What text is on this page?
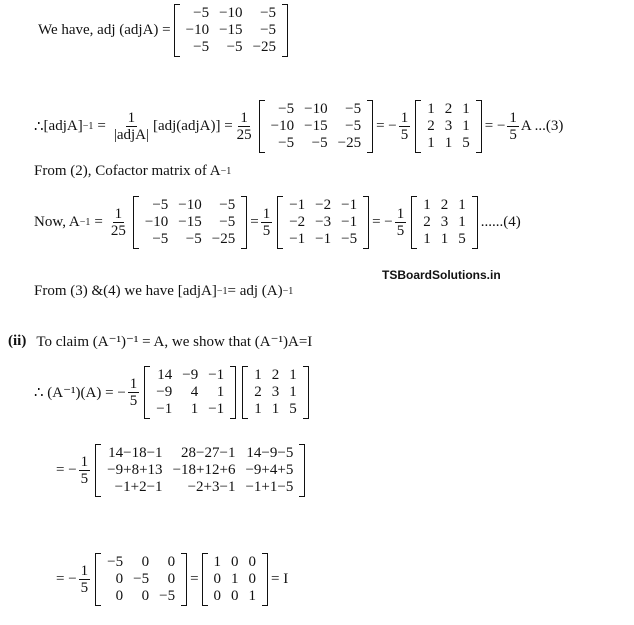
We have, adj (adjA) =
−5	−10	−5
−10	−15	−5
−5	−5	−25
∴ [adjA] $-1 = \frac{1}{\text{|adjA|}}$ [adj(adjA)] = $\frac{1}{25}$
−5	−10	−5
−10	−15	−5
−5	−5	−25
= − $\frac{1}{5}$
1	2	1
2	3	1
1	1	5
= − $\frac{1}{5}$ A ...(3)
From (2), Cofactor matrix of A −1
Now, $A -1 = \frac{1}{25}$
−5	−10	−5
−10	−15	−5
−5	−5	−25
= $\frac{1}{5}$
−1	−2	−1
−2	−3	−1
−1	−1	−5
= − $\frac{1}{5}$
1	2	1
2	3	1
1	1	5
......(4)
TSBoardSolutions.in
From (3) &(4) we have [adjA] −1 = adj (A) −1
(ii) To claim (A⁻¹)⁻¹ = A, we show that (A⁻¹)A=I
∴ (A⁻¹)(A) = − $\frac{1}{5}$
14	−9	−1
−9	4	1
−1	1	−1
1	2	1
2	3	1
1	1	5
= − $\frac{1}{5}$
14−18−1	28−27−1	14−9−5
−9+8+13	−18+12+6	−9+4+5
−1+2−1	−2+3−1	−1+1−5
= − $\frac{1}{5}$
−5	0	0
0	−5	0
0	0	−5
=
1	0	0
0	1	0
0	0	1
= I
